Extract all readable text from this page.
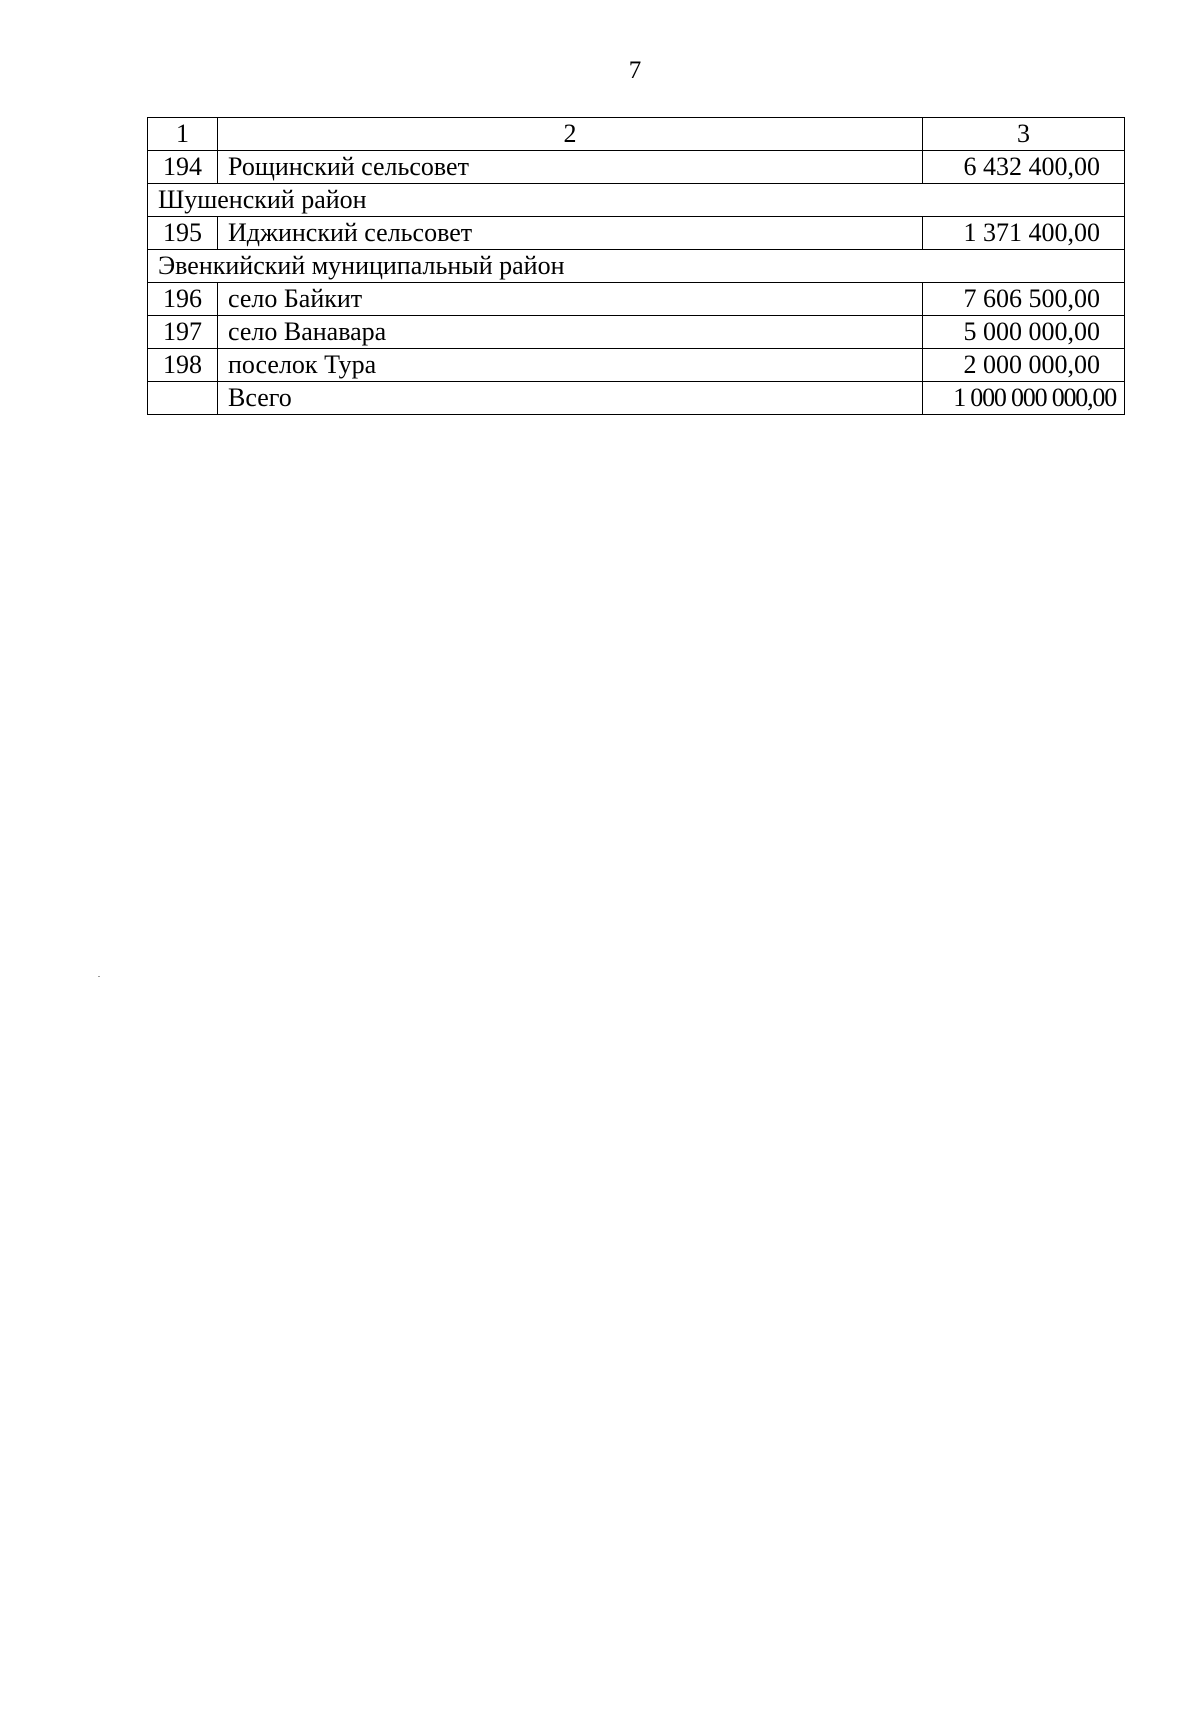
7
1	2	3
194	Рощинский сельсовет	6 432 400,00
Шушенский район		
195	Иджинский сельсовет	1 371 400,00
Эвенкийский муниципальный район		
196	село Байкит	7 606 500,00
197	село Ванавара	5 000 000,00
198	поселок Тура	2 000 000,00
	Всего	1 000 000 000,00
